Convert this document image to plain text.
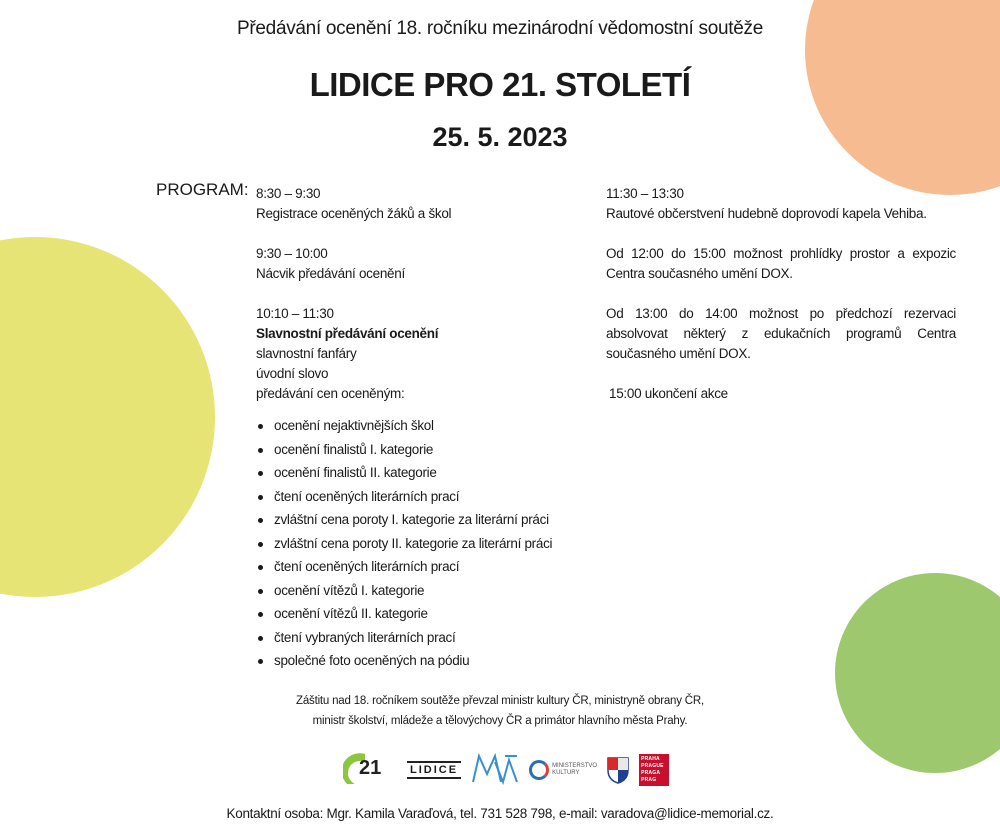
Předávání ocenění 18. ročníku mezinárodní vědomostní soutěže
LIDICE PRO 21. STOLETÍ
25. 5. 2023
PROGRAM: 8:30 – 9:30
Registrace oceněných žáků a škol
9:30 – 10:00
Nácvik předávání ocenění
10:10 – 11:30
Slavnostní předávání ocenění
slavnostní fanfáry
úvodní slovo
předávání cen oceněným:
ocenění nejaktivnějších škol
ocenění finalistů I. kategorie
ocenění finalistů II. kategorie
čtení oceněných literárních prací
zvláštní cena poroty I. kategorie za literární práci
zvláštní cena poroty II. kategorie za literární práci
čtení oceněných literárních prací
ocenění vítězů I. kategorie
ocenění vítězů II. kategorie
čtení vybraných literárních prací
společné foto oceněných na pódiu
11:30 – 13:30
Rautové občerstvení hudebně doprovodí kapela Vehiba.
Od 12:00 do 15:00 možnost prohlídky prostor a expozic Centra současného umění DOX.
Od 13:00 do 14:00 možnost po předchozí rezervaci absolvovat některý z edukačních programů Centra současného umění DOX.
15:00 ukončení akce
Záštitu nad 18. ročníkem soutěže převzal ministr kultury ČR, ministryně obrany ČR,
ministr školství, mládeže a tělovýchovy ČR a primátor hlavního města Prahy.
21	LIDICE	MINISTERSTVO
KULTURY
PRAHA
PRAGUE
PRAGA
PRAG
Kontaktní osoba: Mgr. Kamila Varaďová, tel. 731 528 798, e-mail: varadova@lidice-memorial.cz.
